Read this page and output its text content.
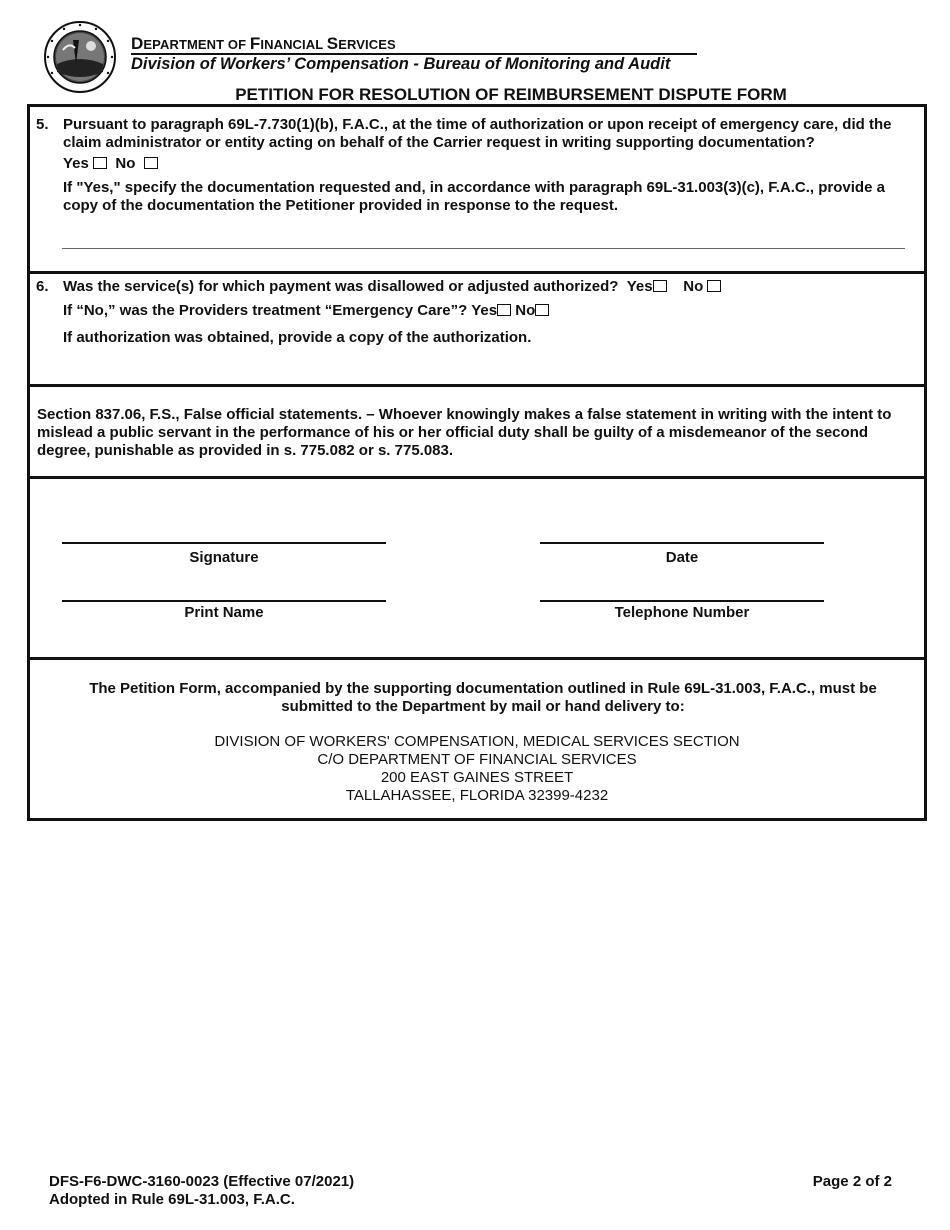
DEPARTMENT OF FINANCIAL SERVICES
Division of Workers’ Compensation - Bureau of Monitoring and Audit
PETITION FOR RESOLUTION OF REIMBURSEMENT DISPUTE FORM
5. Pursuant to paragraph 69L-7.730(1)(b), F.A.C., at the time of authorization or upon receipt of emergency care, did the claim administrator or entity acting on behalf of the Carrier request in writing supporting documentation?
Yes No
If "Yes," specify the documentation requested and, in accordance with paragraph 69L-31.003(3)(c), F.A.C., provide a copy of the documentation the Petitioner provided in response to the request.
6. Was the service(s) for which payment was disallowed or adjusted authorized? Yes No
If “No,” was the Providers treatment “Emergency Care”? Yes No
If authorization was obtained, provide a copy of the authorization.
Section 837.06, F.S., False official statements. – Whoever knowingly makes a false statement in writing with the intent to mislead a public servant in the performance of his or her official duty shall be guilty of a misdemeanor of the second degree, punishable as provided in s. 775.082 or s. 775.083.
Signature	Date
Print Name	Telephone Number
The Petition Form, accompanied by the supporting documentation outlined in Rule 69L-31.003, F.A.C., must be submitted to the Department by mail or hand delivery to:
DIVISION OF WORKERS' COMPENSATION, MEDICAL SERVICES SECTION
C/O DEPARTMENT OF FINANCIAL SERVICES
200 EAST GAINES STREET
TALLAHASSEE, FLORIDA 32399-4232
DFS-F6-DWC-3160-0023 (Effective 07/2021)
Adopted in Rule 69L-31.003, F.A.C.
Page 2 of 2
